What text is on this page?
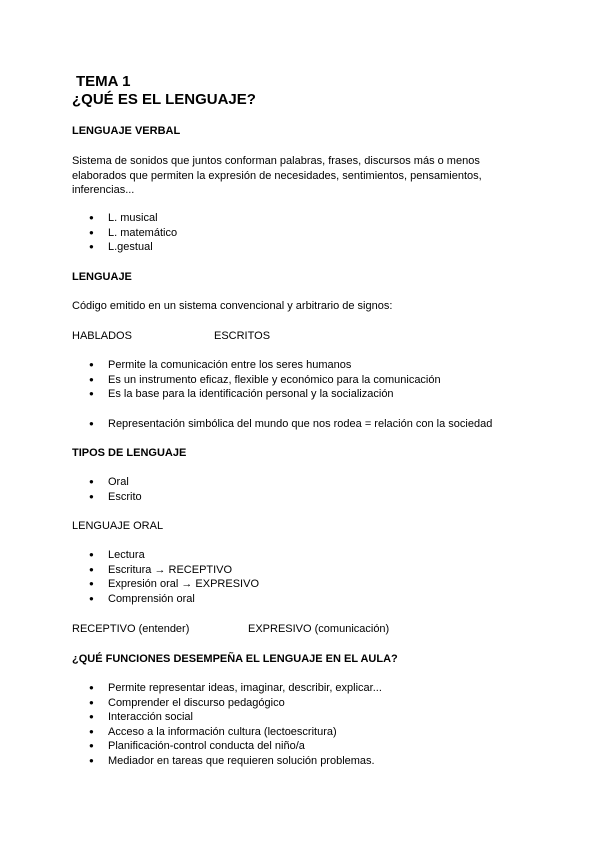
TEMA 1
¿QUÉ ES EL LENGUAJE?
LENGUAJE VERBAL
Sistema de sonidos que juntos conforman palabras, frases, discursos más o menos elaborados que permiten la expresión de necesidades, sentimientos, pensamientos, inferencias...
● L. musical
● L. matemático
● L.gestual
LENGUAJE
Código emitido en un sistema convencional y arbitrario de signos:
HABLADOS	ESCRITOS
● Permite la comunicación entre los seres humanos
● Es un instrumento eficaz, flexible y económico para la comunicación
● Es la base para la identificación personal y la socialización
● Representación simbólica del mundo que nos rodea = relación con la sociedad
TIPOS DE LENGUAJE
● Oral
● Escrito
LENGUAJE ORAL
● Lectura
● Escritura → RECEPTIVO
● Expresión oral → EXPRESIVO
● Comprensión oral
RECEPTIVO (entender)	EXPRESIVO (comunicación)
¿QUÉ FUNCIONES DESEMPEÑA EL LENGUAJE EN EL AULA?
● Permite representar ideas, imaginar, describir, explicar...
● Comprender el discurso pedagógico
● Interacción social
● Acceso a la información cultura (lectoescritura)
● Planificación-control conducta del niño/a
● Mediador en tareas que requieren solución problemas.
